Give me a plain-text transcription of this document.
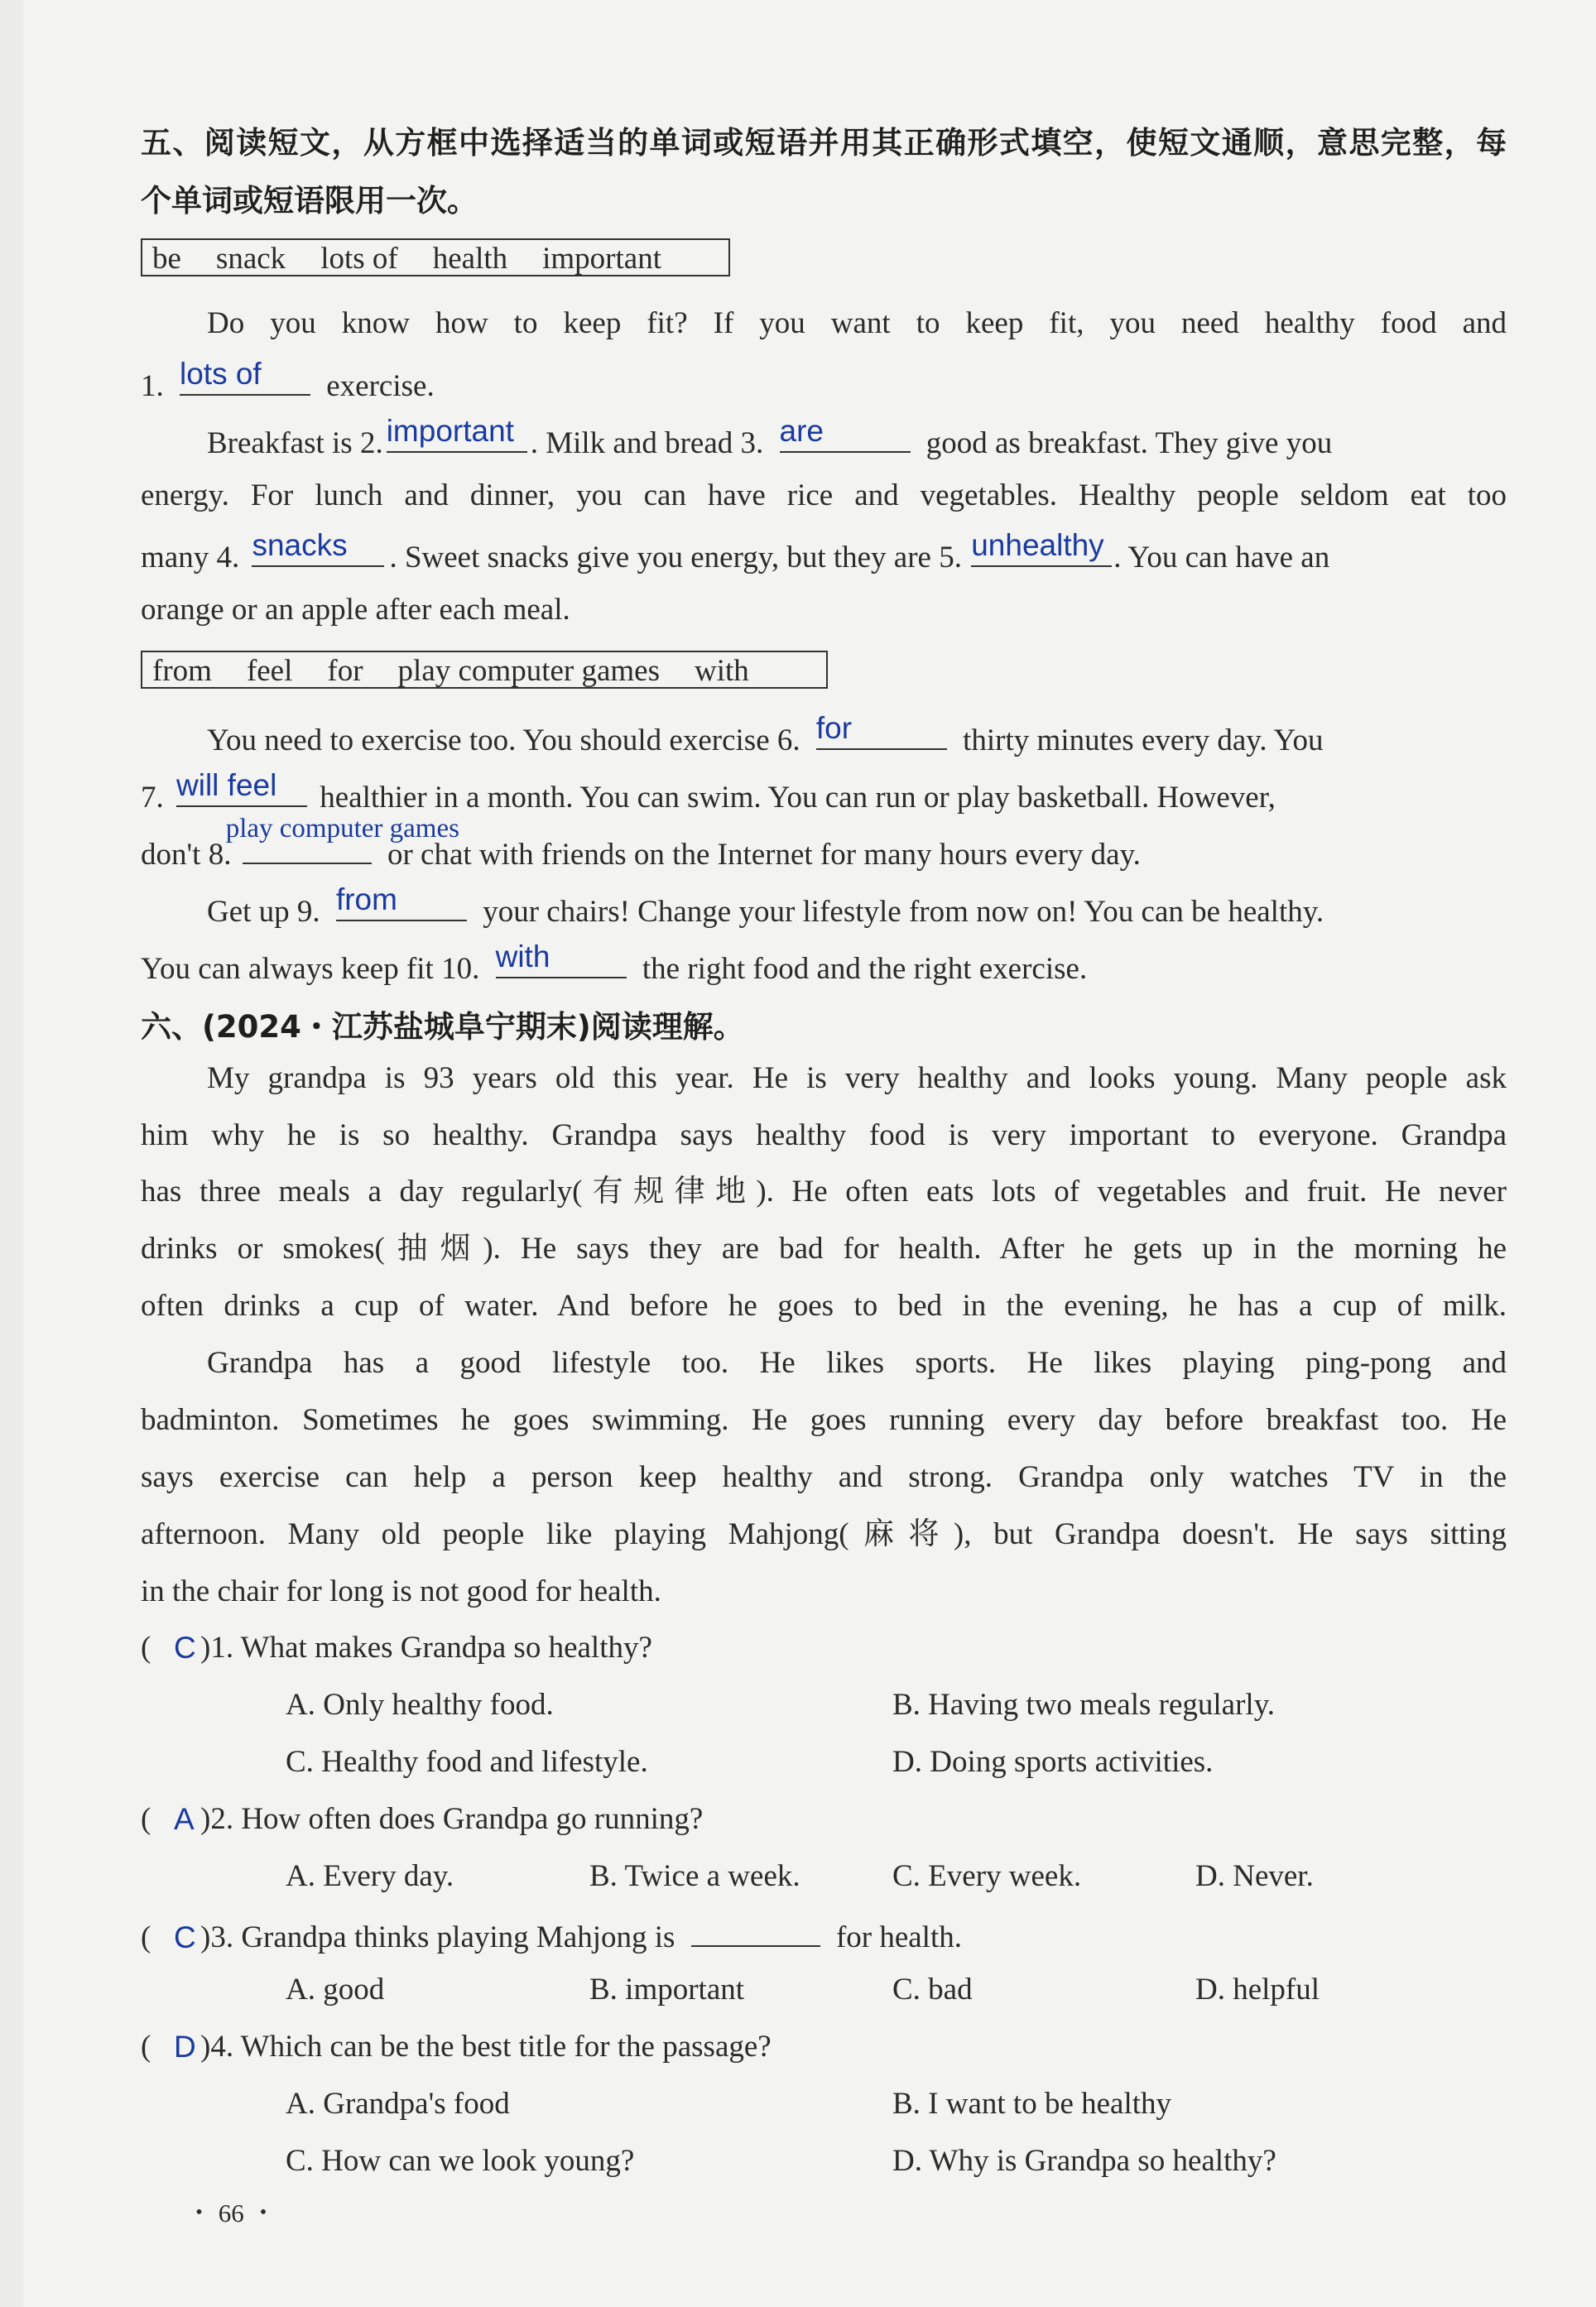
五、阅读短文，从方框中选择适当的单词或短语并用其正确形式填空，使短文通顺，意思完整，每
个单词或短语限用一次。
be snack lots of health important
Do you know how to keep fit? If you want to keep fit, you need healthy food and
1. lots of	exercise.
Breakfast is 2. important . Milk and bread 3. are	good as breakfast. They give you
energy. For lunch and dinner, you can have rice and vegetables. Healthy people seldom eat too
many 4. snacks	. Sweet snacks give you energy, but they are 5. unhealthy . You can have an
orange or an apple after each meal.
from feel for play computer games with
You need to exercise too. You should exercise 6. for	thirty minutes every day. You
7. will feel	healthier in a month. You can swim. You can run or play basketball. However,
don't 8.
play computer games
or chat with friends on the Internet for many hours every day.
Get up 9. from	your chairs! Change your lifestyle from now on! You can be healthy.
You can always keep fit 10. with	the right food and the right exercise.
六、(2024・江苏盐城阜宁期末)阅读理解。
My grandpa is 93 years old this year. He is very healthy and looks young. Many people ask
him why he is so healthy. Grandpa says healthy food is very important to everyone. Grandpa
has three meals a day regularly(有规律地). He often eats lots of vegetables and fruit. He never
drinks or smokes(抽烟). He says they are bad for health. After he gets up in the morning he
often drinks a cup of water. And before he goes to bed in the evening, he has a cup of milk.
Grandpa has a good lifestyle too. He likes sports. He likes playing ping-pong and
badminton. Sometimes he goes swimming. He goes running every day before breakfast too. He
says exercise can help a person keep healthy and strong. Grandpa only watches TV in the
afternoon. Many old people like playing Mahjong(麻将), but Grandpa doesn't. He says sitting
in the chair for long is not good for health.
( C )1. What makes Grandpa so healthy?
A. Only healthy food.	B. Having two meals regularly.
C. Healthy food and lifestyle.	D. Doing sports activities.
( A )2. How often does Grandpa go running?
A. Every day.	B. Twice a week.	C. Every week.	D. Never.
( C )3. Grandpa thinks playing Mahjong is	for health.
A. good	B. important	C. bad	D. helpful
( D )4. Which can be the best title for the passage?
A. Grandpa's food	B. I want to be healthy
C. How can we look young?	D. Why is Grandpa so healthy?
・ 66 ・
